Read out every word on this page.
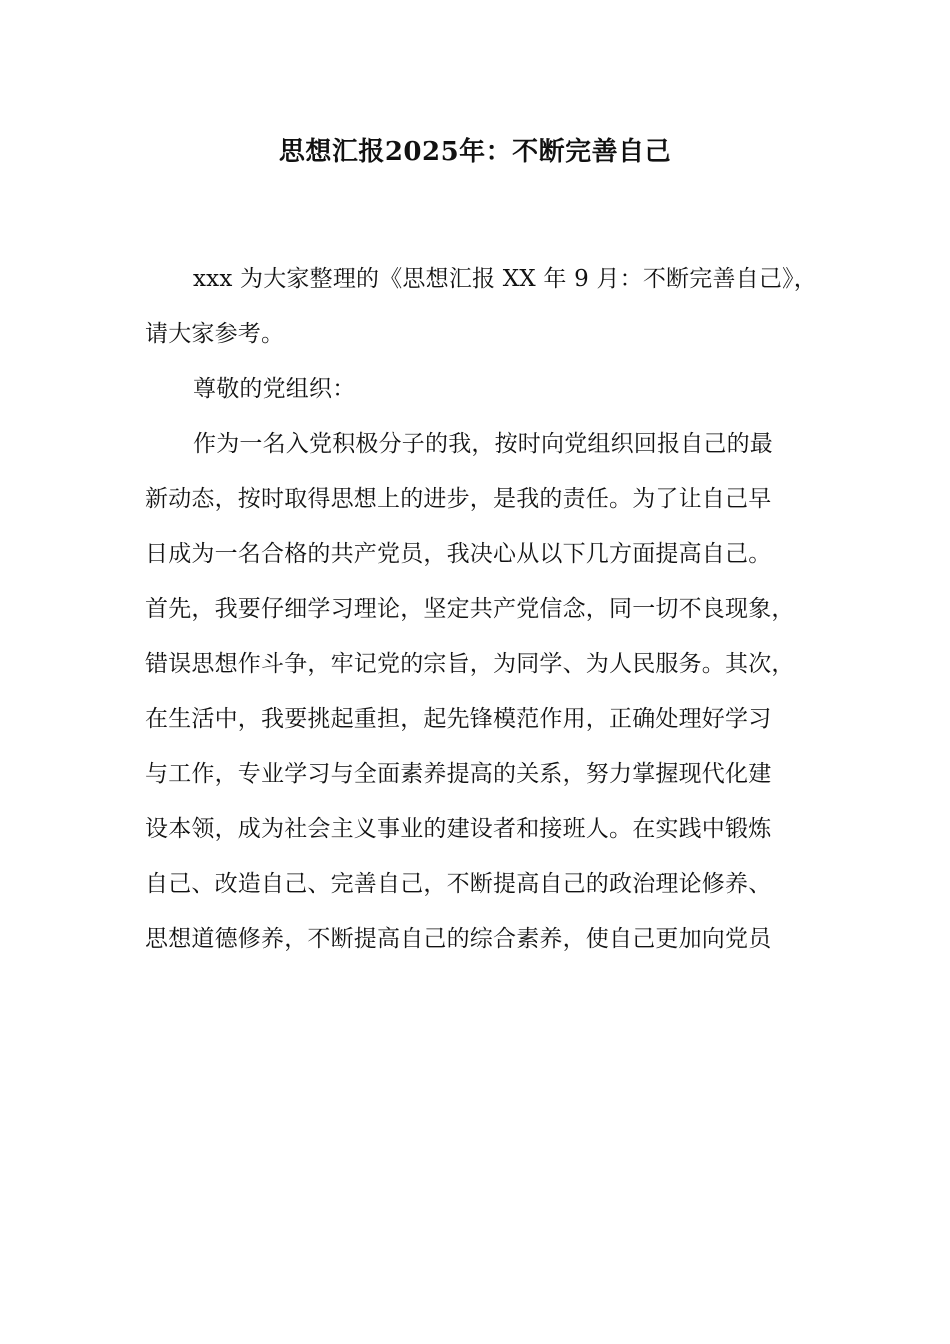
思想汇报2025年：不断完善自己

xxx 为大家整理的《思想汇报 XX 年 9 月：不断完善自己》，
请大家参考。

尊敬的党组织：

作为一名入党积极分子的我，按时向党组织回报自己的最
新动态，按时取得思想上的进步，是我的责任。为了让自己早
日成为一名合格的共产党员，我决心从以下几方面提高自己。
首先，我要仔细学习理论，坚定共产党信念，同一切不良现象，
错误思想作斗争，牢记党的宗旨，为同学、为人民服务。其次，
在生活中，我要挑起重担，起先锋模范作用，正确处理好学习
与工作，专业学习与全面素养提高的关系，努力掌握现代化建
设本领，成为社会主义事业的建设者和接班人。在实践中锻炼
自己、改造自己、完善自己，不断提高自己的政治理论修养、
思想道德修养，不断提高自己的综合素养，使自己更加向党员
